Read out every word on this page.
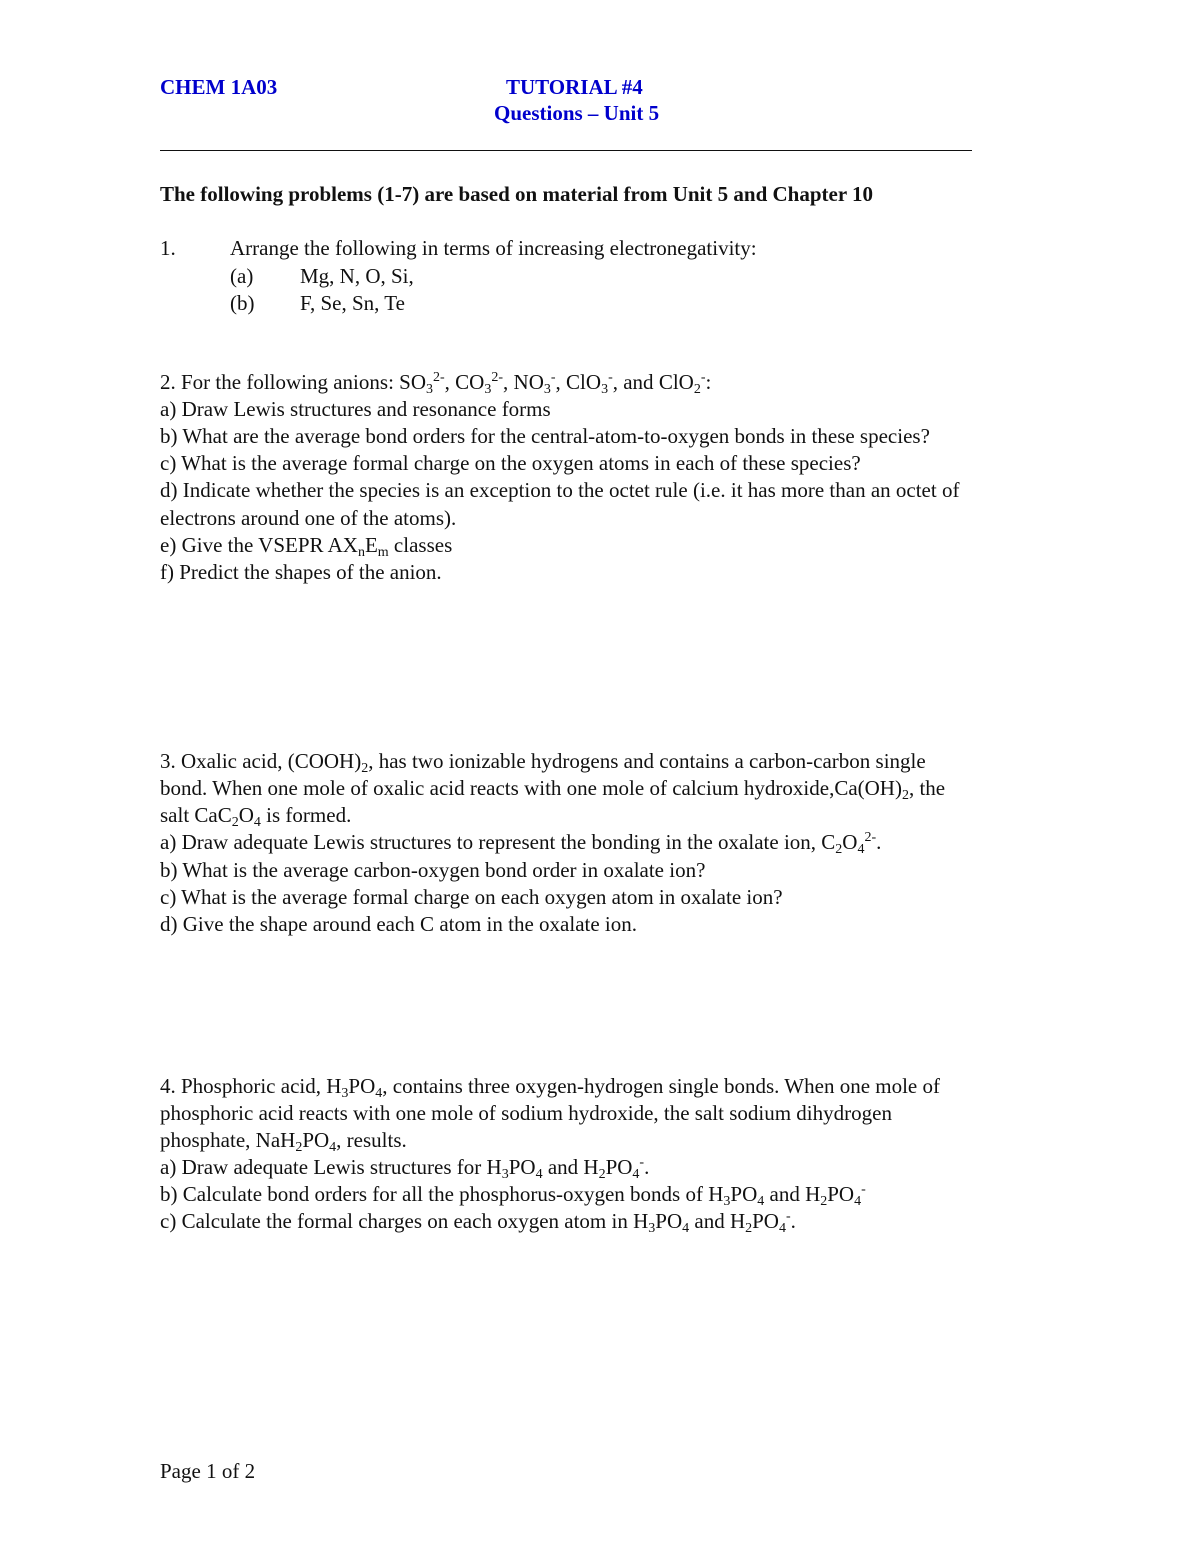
CHEM 1A03	TUTORIAL #4
Questions – Unit 5
The following problems (1-7) are based on material from Unit 5 and Chapter 10
1.	Arrange the following in terms of increasing electronegativity:
(a) Mg, N, O, Si,
(b) F, Se, Sn, Te
2. For the following anions: $SO_3^{2-}$, $CO_3^{2-}$, $NO_3^-$, ClO$_3$-, and ClO$_2$-:
a) Draw Lewis structures and resonance forms
b) What are the average bond orders for the central-atom-to-oxygen bonds in these species?
c) What is the average formal charge on the oxygen atoms in each of these species?
d) Indicate whether the species is an exception to the octet rule (i.e. it has more than an octet of
electrons around one of the atoms).
e) Give the VSEPR $AX_nE_m$ classes
f) Predict the shapes of the anion.
3. Oxalic acid, $(COOH)_2$, has two ionizable hydrogens and contains a carbon-carbon single
bond. When one mole of oxalic acid reacts with one mole of calcium $hydroxide,Ca(OH)_2$, the
salt $CaC_2O_4$ is formed.
a) Draw adequate Lewis structures to represent the bonding in the oxalate ion, $C_2O_4^{2-}$.
b) What is the average carbon-oxygen bond order in oxalate ion?
c) What is the average formal charge on each oxygen atom in oxalate ion?
d) Give the shape around each C atom in the oxalate ion.
4. Phosphoric acid, $H_3PO_4$, contains three oxygen-hydrogen single bonds. When one mole of
phosphoric acid reacts with one mole of sodium hydroxide, the salt sodium dihydrogen
phosphate, $NaH_2PO_4$, results.
a) Draw adequate Lewis structures for $H_3PO_4$ and $H_2PO_4^-$.
b) Calculate bond orders for all the phosphorus-oxygen bonds of $H_3PO_4$ and $H_2PO_4^-$
c) Calculate the formal charges on each oxygen atom in $H_3PO_4$ and $H_2PO_4^-$.
Page 1 of 2
